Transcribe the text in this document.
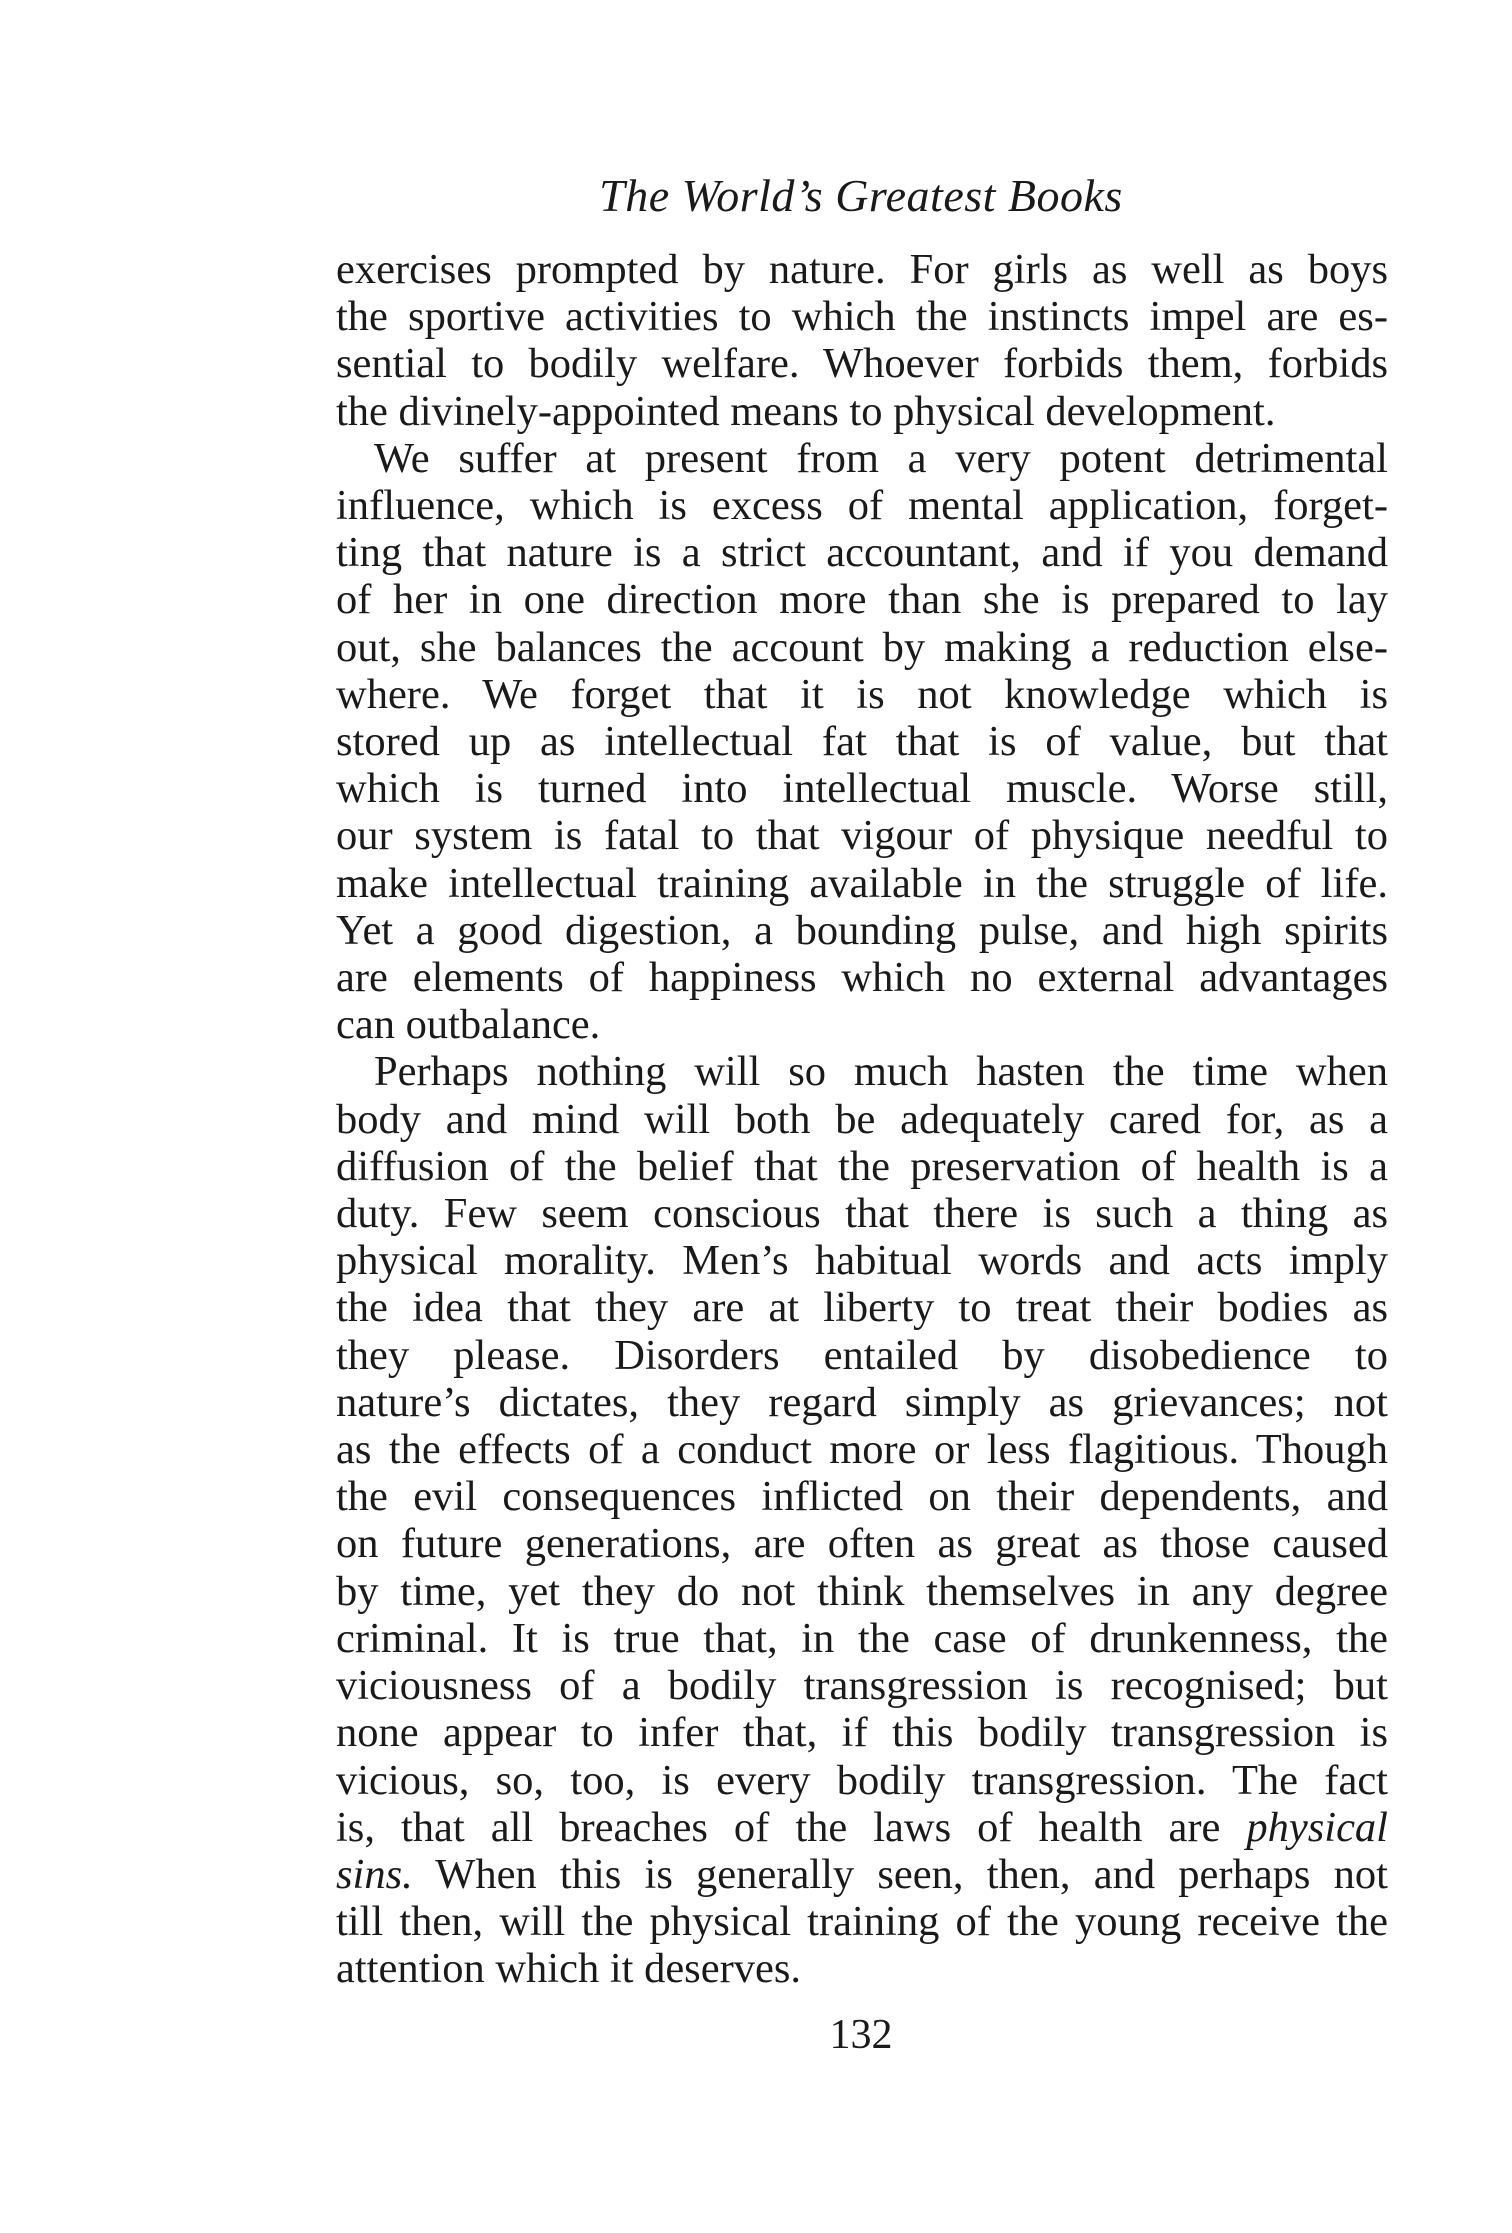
The World’s Greatest Books

exercises prompted by nature. For girls as well as boys
the sportive activities to which the instincts impel are es-
sential to bodily welfare. Whoever forbids them, forbids
the divinely-appointed means to physical development.

We suffer at present from a very potent detrimental
influence, which is excess of mental application, forget-
ting that nature is a strict accountant, and if you demand
of her in one direction more than she is prepared to lay
out, she balances the account by making a reduction else-
where. We forget that it is not knowledge which is
stored up as intellectual fat that is of value, but that
which is turned into intellectual muscle. Worse still,
our system is fatal to that vigour of physique needful to
make intellectual training available in the struggle of life.
Yet a good digestion, a bounding pulse, and high spirits
are elements of happiness which no external advantages
can outbalance.

Perhaps nothing will so much hasten the time when
body and mind will both be adequately cared for, as a
diffusion of the belief that the preservation of health is a
duty. Few seem conscious that there is such a thing as
physical morality. Men’s habitual words and acts imply
the idea that they are at liberty to treat their bodies as
they please. Disorders entailed by disobedience to
nature’s dictates, they regard simply as grievances; not
as the effects of a conduct more or less flagitious. Though
the evil consequences inflicted on their dependents, and
on future generations, are often as great as those caused
by time, yet they do not think themselves in any degree
criminal. It is true that, in the case of drunkenness, the
viciousness of a bodily transgression is recognised; but
none appear to infer that, if this bodily transgression is
vicious, so, too, is every bodily transgression. The fact
is, that all breaches of the laws of health are physical
sins. When this is generally seen, then, and perhaps not
till then, will the physical training of the young receive the
attention which it deserves.

132
